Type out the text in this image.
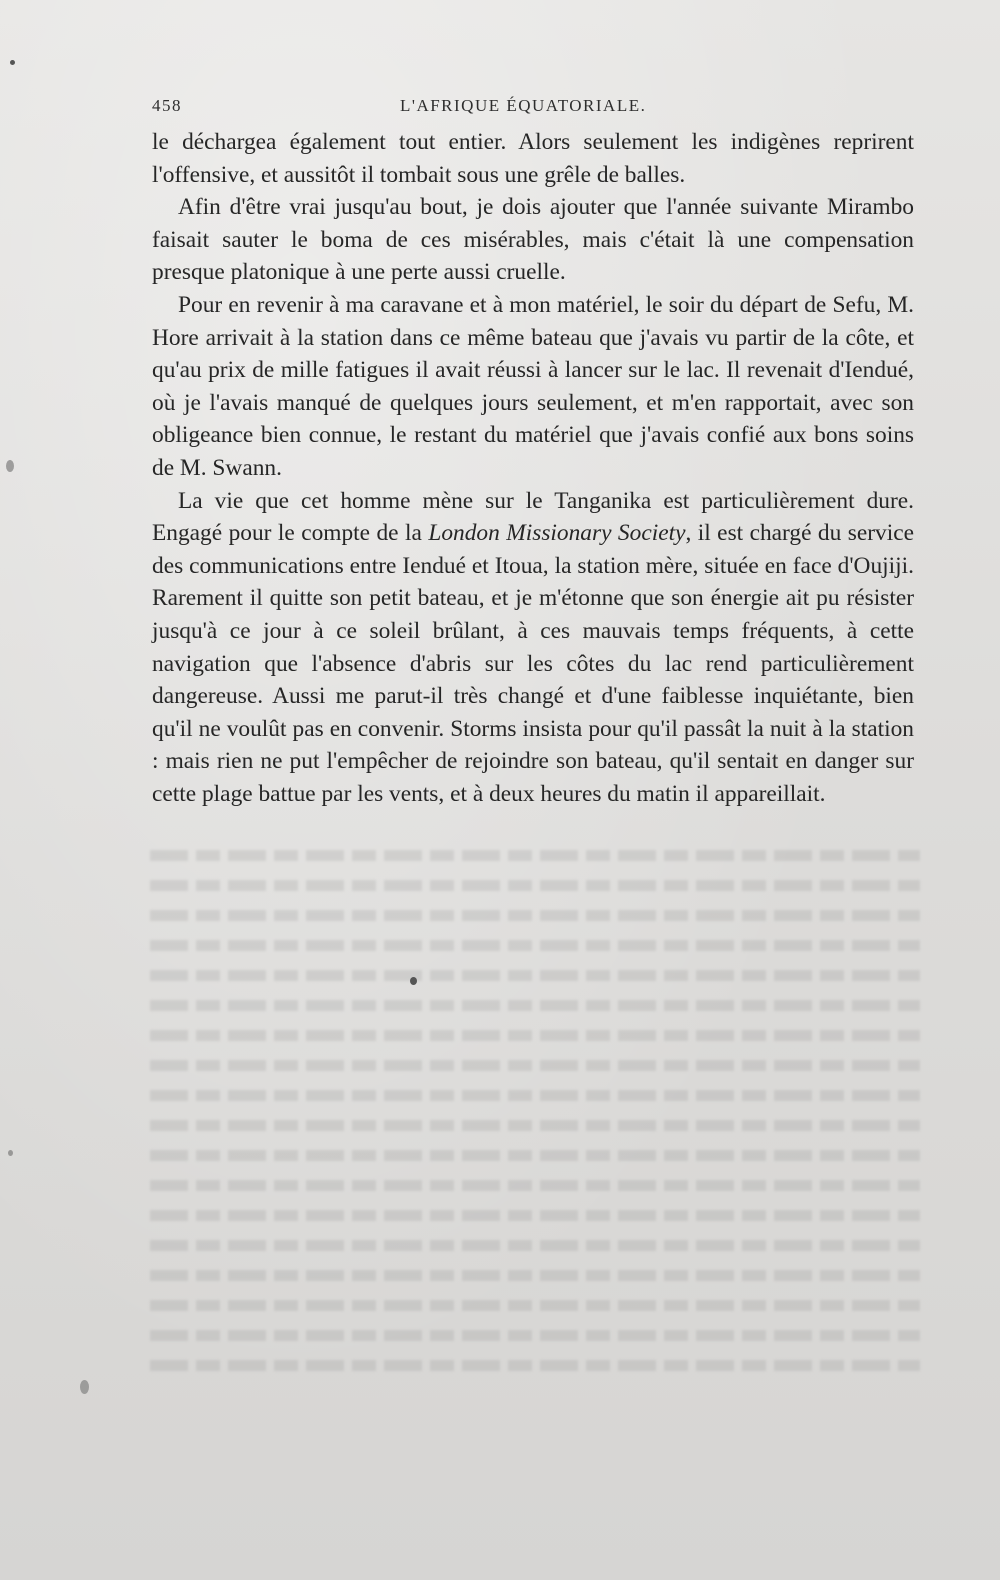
458	L'AFRIQUE ÉQUATORIALE.

le déchargea également tout entier. Alors seulement les indigènes reprirent l'offensive, et aussitôt il tombait sous une grêle de balles.

Afin d'être vrai jusqu'au bout, je dois ajouter que l'année suivante Mirambo faisait sauter le boma de ces misérables, mais c'était là une compensation presque platonique à une perte aussi cruelle.

Pour en revenir à ma caravane et à mon matériel, le soir du départ de Sefu, M. Hore arrivait à la station dans ce même bateau que j'avais vu partir de la côte, et qu'au prix de mille fatigues il avait réussi à lancer sur le lac. Il revenait d'Iendué, où je l'avais manqué de quelques jours seulement, et m'en rapportait, avec son obligeance bien connue, le restant du matériel que j'avais confié aux bons soins de M. Swann.

La vie que cet homme mène sur le Tanganika est particulièrement dure. Engagé pour le compte de la London Missionary Society, il est chargé du service des communications entre Iendué et Itoua, la station mère, située en face d'Oujiji. Rarement il quitte son petit bateau, et je m'étonne que son énergie ait pu résister jusqu'à ce jour à ce soleil brûlant, à ces mauvais temps fréquents, à cette navigation que l'absence d'abris sur les côtes du lac rend particulièrement dangereuse. Aussi me parut-il très changé et d'une faiblesse inquiétante, bien qu'il ne voulût pas en convenir. Storms insista pour qu'il passât la nuit à la station : mais rien ne put l'empêcher de rejoindre son bateau, qu'il sentait en danger sur cette plage battue par les vents, et à deux heures du matin il appareillait.
